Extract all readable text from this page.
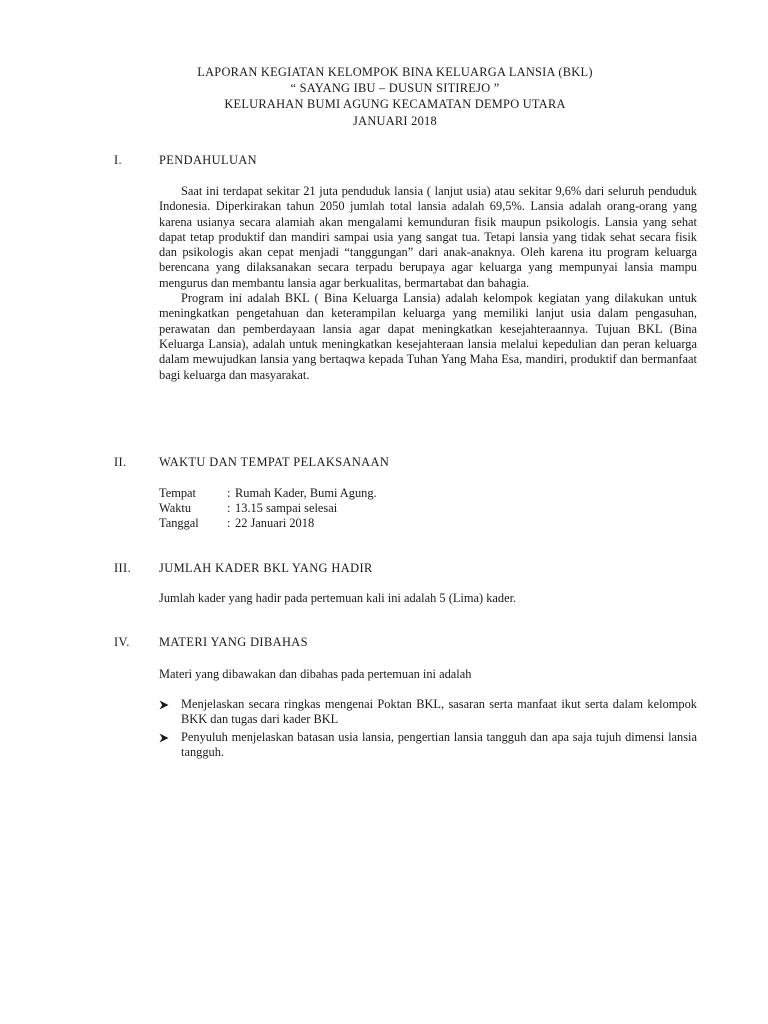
LAPORAN KEGIATAN KELOMPOK BINA KELUARGA LANSIA (BKL)
“ SAYANG IBU – DUSUN SITIREJO ”
KELURAHAN BUMI AGUNG KECAMATAN DEMPO UTARA
JANUARI 2018
I.	PENDAHULUAN

Saat ini terdapat sekitar 21 juta penduduk lansia ( lanjut usia) atau sekitar 9,6% dari seluruh penduduk Indonesia. Diperkirakan tahun 2050 jumlah total lansia adalah 69,5%. Lansia adalah orang-orang yang karena usianya secara alamiah akan mengalami kemunduran fisik maupun psikologis. Lansia yang sehat dapat tetap produktif dan mandiri sampai usia yang sangat tua. Tetapi lansia yang tidak sehat secara fisik dan psikologis akan cepat menjadi “tanggungan” dari anak-anaknya. Oleh karena itu program keluarga berencana yang dilaksanakan secara terpadu berupaya agar keluarga yang mempunyai lansia mampu mengurus dan membantu lansia agar berkualitas, bermartabat dan bahagia.

Program ini adalah BKL ( Bina Keluarga Lansia) adalah kelompok kegiatan yang dilakukan untuk meningkatkan pengetahuan dan keterampilan keluarga yang memiliki lanjut usia dalam pengasuhan, perawatan dan pemberdayaan lansia agar dapat meningkatkan kesejahteraannya. Tujuan BKL (Bina Keluarga Lansia), adalah untuk meningkatkan kesejahteraan lansia melalui kepedulian dan peran keluarga dalam mewujudkan lansia yang bertaqwa kepada Tuhan Yang Maha Esa, mandiri, produktif dan bermanfaat bagi keluarga dan masyarakat.

II.	WAKTU DAN TEMPAT PELAKSANAAN
Tempat	: Rumah Kader, Bumi Agung.
Waktu	: 13.15 sampai selesai
Tanggal	: 22 Januari 2018
III. JUMLAH KADER BKL YANG HADIR
Jumlah kader yang hadir pada pertemuan kali ini adalah 5 (Lima) kader.
IV. MATERI YANG DIBAHAS
Materi yang dibawakan dan dibahas pada pertemuan ini adalah
Menjelaskan secara ringkas mengenai Poktan BKL, sasaran serta manfaat ikut serta dalam kelompok BKK dan tugas dari kader BKL
Penyuluh menjelaskan batasan usia lansia, pengertian lansia tangguh dan apa saja tujuh dimensi lansia tangguh.
